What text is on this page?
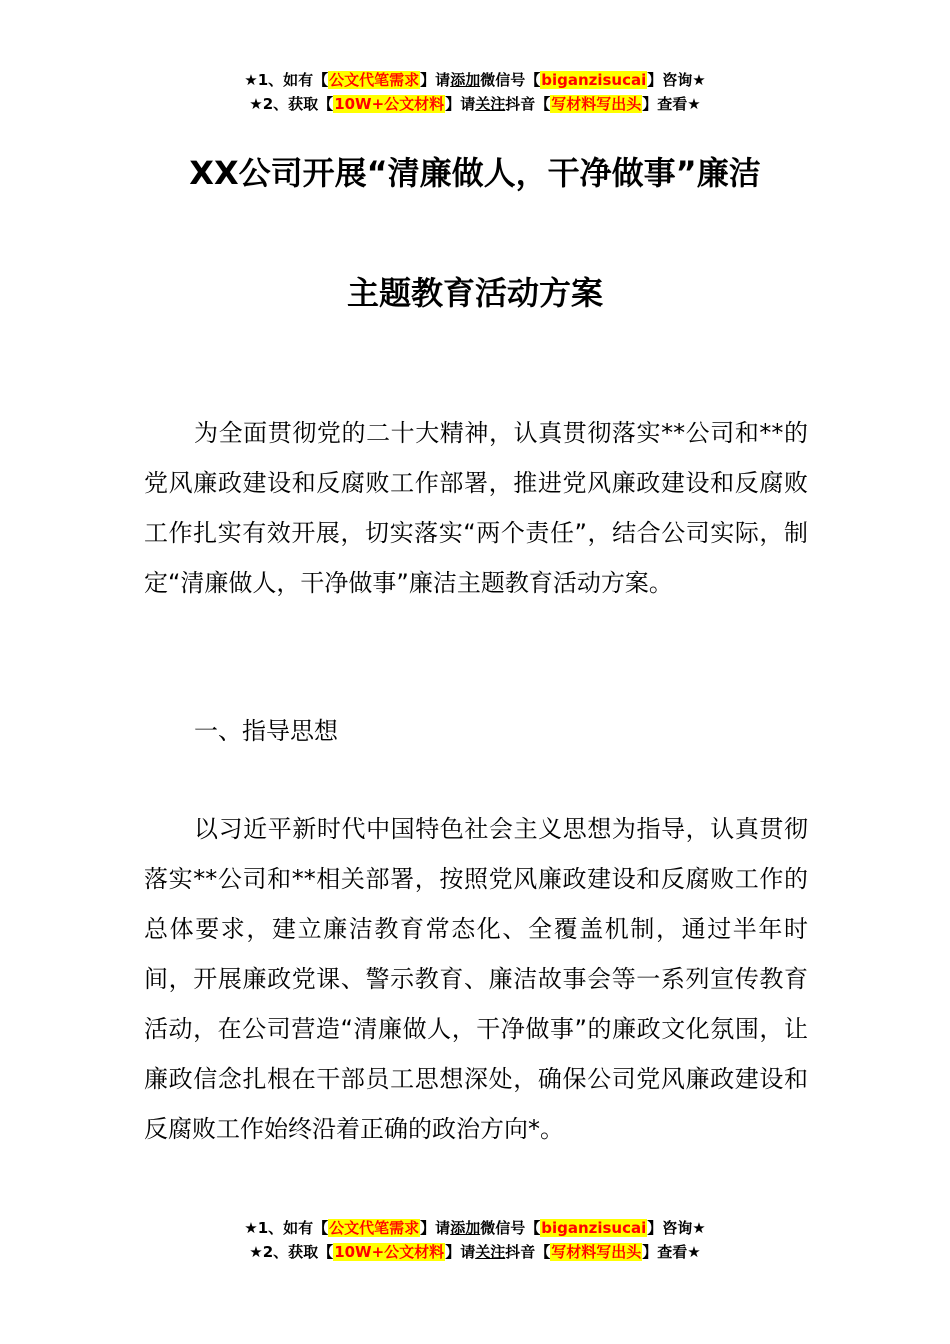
★1、如有【公文代笔需求】请添加微信号【biganzisucai】咨询★
★2、获取【10W+公文材料】请关注抖音【写材料写出头】查看★
XX公司开展“清廉做人，干净做事”廉洁
主题教育活动方案

为全面贯彻党的二十大精神，认真贯彻落实**公司和**的党风廉政建设和反腐败工作部署，推进党风廉政建设和反腐败工作扎实有效开展，切实落实“两个责任”，结合公司实际，制定“清廉做人，干净做事”廉洁主题教育活动方案。

一、指导思想

以习近平新时代中国特色社会主义思想为指导，认真贯彻落实**公司和**相关部署，按照党风廉政建设和反腐败工作的总体要求，建立廉洁教育常态化、全覆盖机制，通过半年时间，开展廉政党课、警示教育、廉洁故事会等一系列宣传教育活动，在公司营造“清廉做人，干净做事”的廉政文化氛围，让廉政信念扎根在干部员工思想深处，确保公司党风廉政建设和反腐败工作始终沿着正确的政治方向*。

★1、如有【公文代笔需求】请添加微信号【biganzisucai】咨询★
★2、获取【10W+公文材料】请关注抖音【写材料写出头】查看★
